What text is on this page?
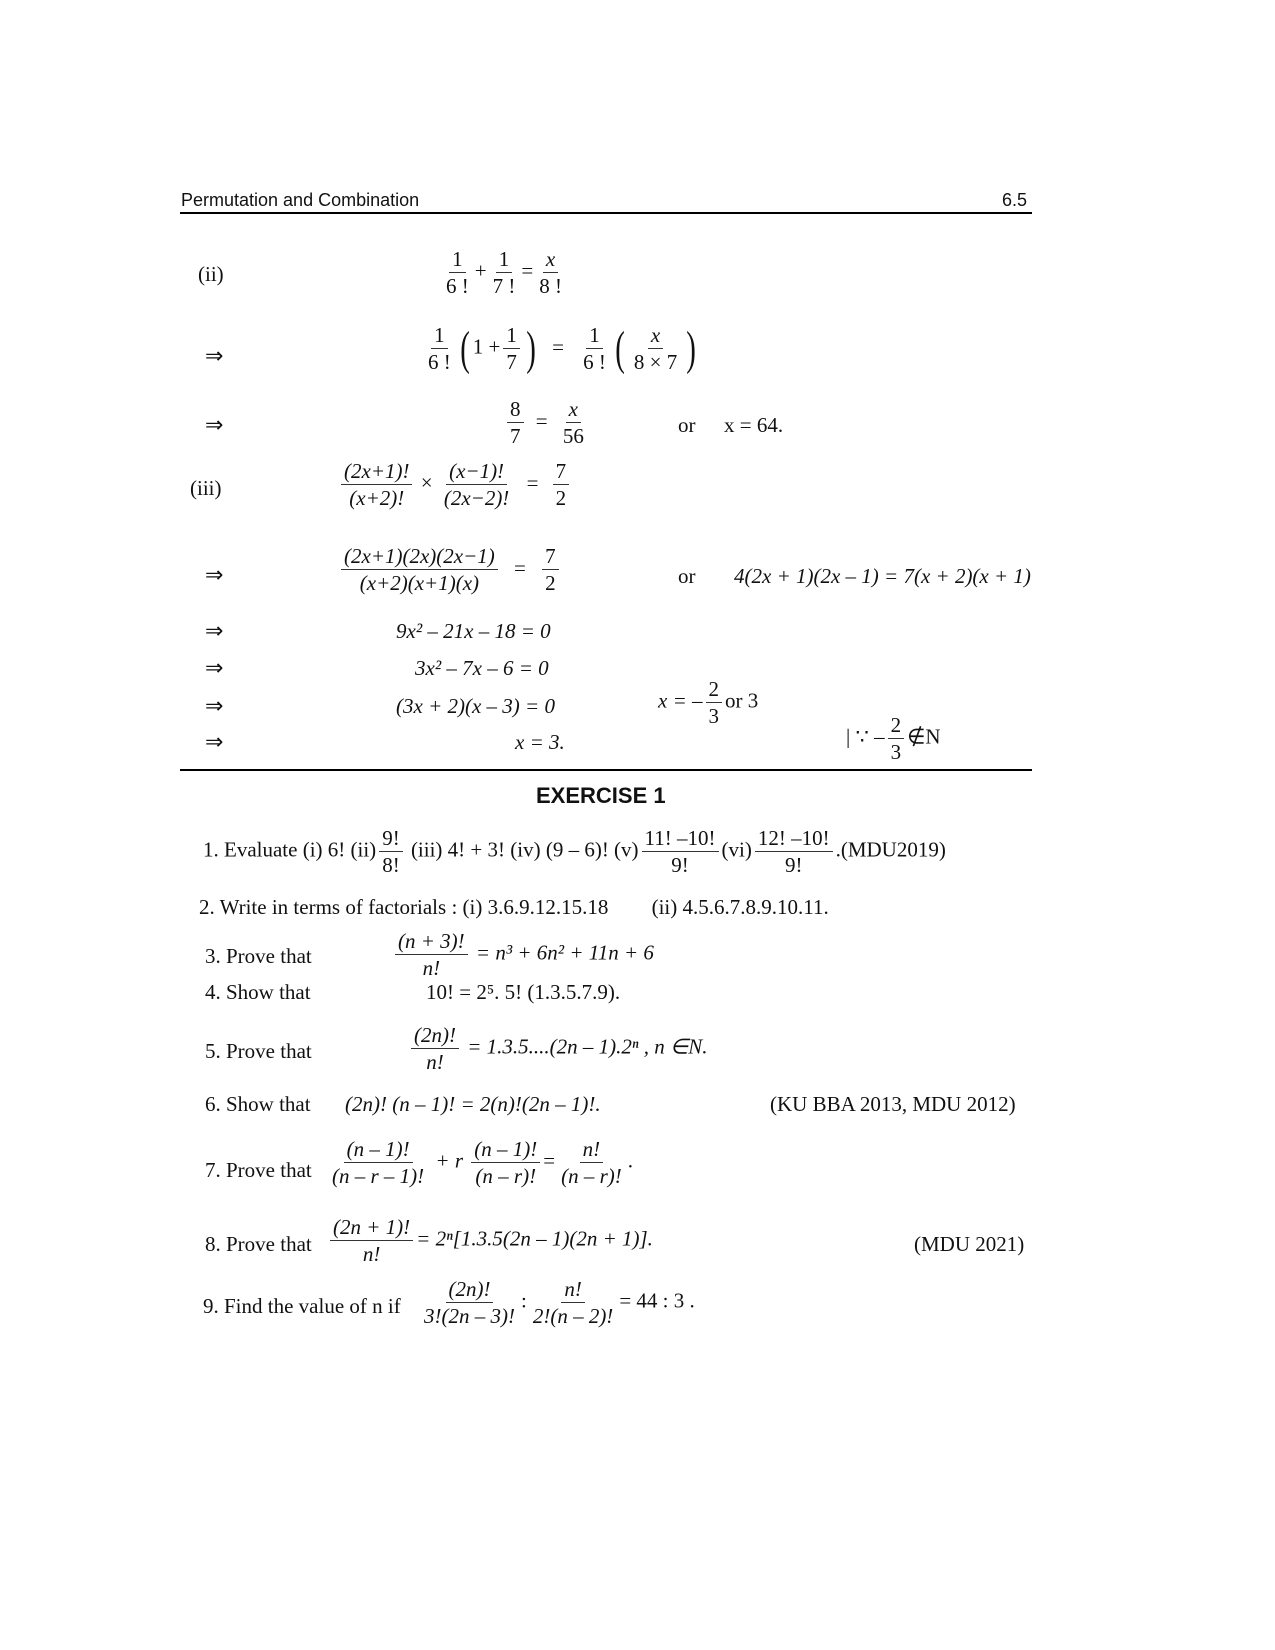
Permutation and Combination	6.5
(ii)	$\frac{1}{6 !} + \frac{1}{7 !} = \frac{x}{8 !}$
⇒	$\frac{1}{6 !}$ ( $1 + \frac{1}{7}$ ) = $\frac{1}{6 !}$ ( $\frac{x}{8 \times 7}$ )
⇒	$\frac{8}{7} = \frac{x}{56}$	or x = 64.
(iii)	$\frac{(2x+1)!}{(x+2)!} \times \frac{(x-1)!}{(2x-2)!} = \frac{7}{2}$
⇒	$\frac{(2x+1)(2x)(2x-1)}{(x+2)(x+1)(x)} = \frac{7}{2}$	or 4(2x + 1)(2x – 1) = 7(x + 2)(x + 1)
⇒	9x² – 21x – 18 = 0
⇒	3x² – 7x – 6 = 0
⇒	(3x + 2)(x – 3) = 0	x = – $\frac{2}{3}$ or 3
⇒	x = 3.	| ∵ – $\frac{2}{3}$ ∉N
EXERCISE 1
1. Evaluate (i) 6! $(ii) \frac{9!}{8!} (iii) 4$! + 3! (iv) (9 – 6)! $(v) \frac{11! -10!}{9!} (vi) \frac{12! -10!}{9!} .(MDU2019)$
2. Write in terms of factorials : (i) 3.6.9.12.15.18 (ii) 4.5.6.7.8.9.10.11.
3. Prove that	$\frac{(n + 3)!}{n!} = n^3 + 6n^2 + 11n + 6$
4. Show that	10! = 2⁵. 5! (1.3.5.7.9).
5. Prove that	$\frac{(2n)!}{n!} = 1.3.5....(2n - 1).2^n$ , n ∈N.
6. Show that (2n)! (n – 1)! = 2(n)!(2n – 1)!.	(KU BBA 2013, MDU 2012)
7. Prove that $\frac{(n - 1)!}{(n - r - 1)!} + r \frac{(n - 1)!}{(n - r)!} = \frac{n!}{(n - r)!}$ .
8. Prove that $\frac{(2n + 1)!}{n!} = 2^n[1.3.5(2n - 1)(2n + 1)]$.	(MDU 2021)
9. Find the value of n if $\frac{(2n)!}{3!(2n - 3)!}$ : $\frac{n!}{2!(n - 2)!} = 44$ : 3 .
